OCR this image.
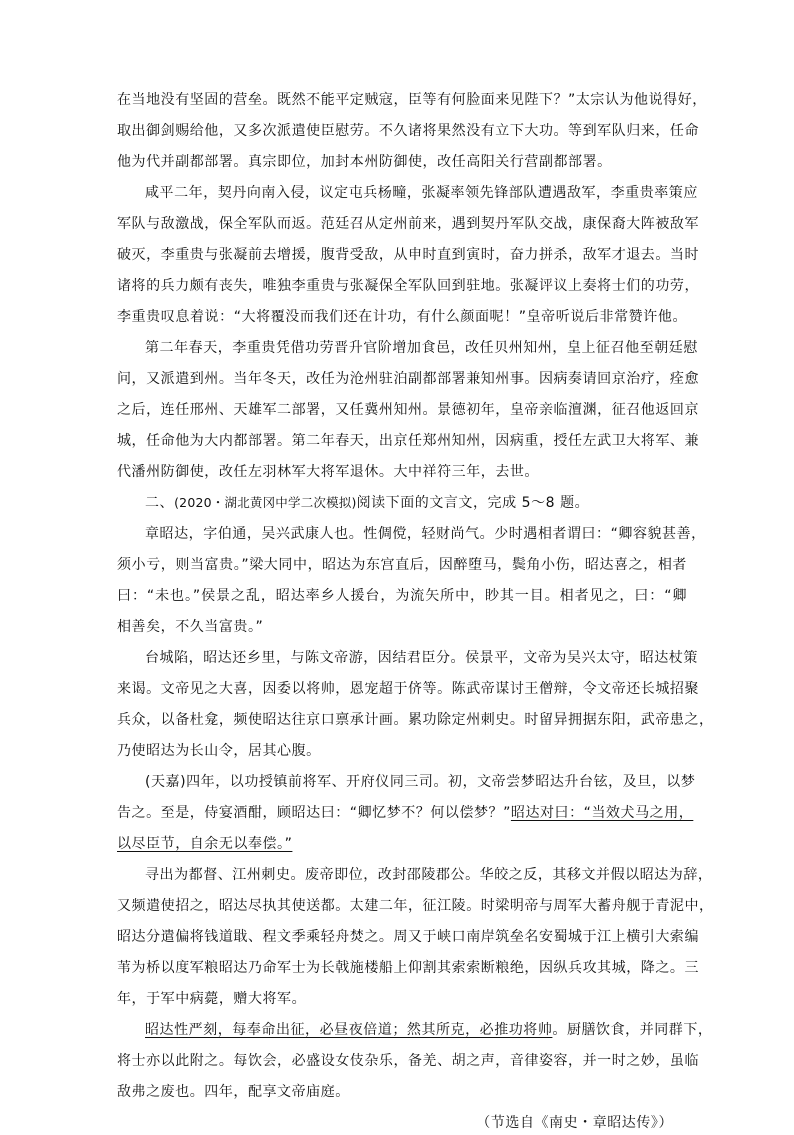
在当地没有坚固的营垒。既然不能平定贼寇，臣等有何脸面来见陛下？”太宗认为他说得好，
取出御剑赐给他，又多次派遣使臣慰劳。不久诸将果然没有立下大功。等到军队归来，任命
他为代并副都部署。真宗即位，加封本州防御使，改任高阳关行营副都部署。
咸平二年，契丹向南入侵，议定屯兵杨疃，张凝率领先锋部队遭遇敌军，李重贵率策应
军队与敌激战，保全军队而返。范廷召从定州前来，遇到契丹军队交战，康保裔大阵被敌军
破灭，李重贵与张凝前去增援，腹背受敌，从申时直到寅时，奋力拼杀，敌军才退去。当时
诸将的兵力颇有丧失，唯独李重贵与张凝保全军队回到驻地。张凝评议上奏将士们的功劳，
李重贵叹息着说：“大将覆没而我们还在计功，有什么颜面呢！”皇帝听说后非常赞许他。
第二年春天，李重贵凭借功劳晋升官阶增加食邑，改任贝州知州，皇上征召他至朝廷慰
问，又派遣到州。当年冬天，改任为沧州驻泊副都部署兼知州事。因病奏请回京治疗，痊愈
之后，连任邢州、天雄军二部署，又任冀州知州。景德初年，皇帝亲临澶渊，征召他返回京
城，任命他为大内都部署。第二年春天，出京任郑州知州，因病重，授任左武卫大将军、兼
代潘州防御使，改任左羽林军大将军退休。大中祥符三年，去世。
二、(2020・湖北黄冈中学二次模拟)阅读下面的文言文，完成 5～8 题。
章昭达，字伯通，吴兴武康人也。性倜傥，轻财尚气。少时遇相者谓曰：“卿容貌甚善，
须小亏，则当富贵。”梁大同中，昭达为东宫直后，因醉堕马，鬓角小伤，昭达喜之，相者
曰：“未也。”侯景之乱，昭达率乡人援台，为流矢所中，眇其一目。相者见之，曰：“卿
相善矣，不久当富贵。”
台城陷，昭达还乡里，与陈文帝游，因结君臣分。侯景平，文帝为吴兴太守，昭达杖策
来谒。文帝见之大喜，因委以将帅，恩宠超于侪等。陈武帝谋讨王僧辩，令文帝还长城招聚
兵众，以备杜龛，频使昭达往京口禀承计画。累功除定州刺史。时留异拥据东阳，武帝患之，
乃使昭达为长山令，居其心腹。
(天嘉)四年，以功授镇前将军、开府仪同三司。初，文帝尝梦昭达升台铉，及旦，以梦
告之。至是，侍宴酒酣，顾昭达曰：“卿忆梦不？何以偿梦？”昭达对曰：“当效犬马之用，
以尽臣节，自余无以奉偿。”
寻出为都督、江州刺史。废帝即位，改封邵陵郡公。华皎之反，其移文并假以昭达为辞，
又频遣使招之，昭达尽执其使送都。太建二年，征江陵。时梁明帝与周军大蓄舟舰于青泥中，
昭达分遣偏将钱道戢、程文季乘轻舟焚之。周又于峡口南岸筑垒名安蜀城于江上横引大索编
苇为桥以度军粮昭达乃命军士为长戟施楼船上仰割其索索断粮绝，因纵兵攻其城，降之。三
年，于军中病薨，赠大将军。
昭达性严刻，每奉命出征，必昼夜倍道；然其所克，必推功将帅。厨膳饮食，并同群下，
将士亦以此附之。每饮会，必盛设女伎杂乐，备羌、胡之声，音律姿容，并一时之妙，虽临
敌弗之废也。四年，配享文帝庙庭。
（节选自《南史・章昭达传》）
